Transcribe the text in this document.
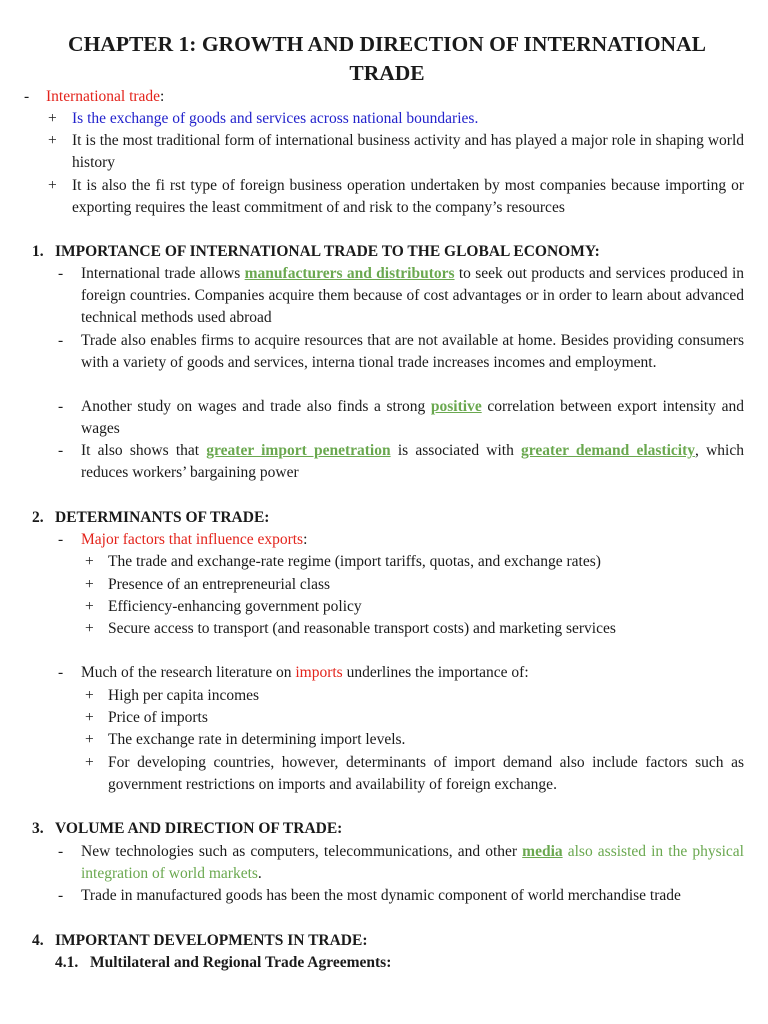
CHAPTER 1: GROWTH AND DIRECTION OF INTERNATIONAL TRADE
- International trade:
+ Is the exchange of goods and services across national boundaries.
+ It is the most traditional form of international business activity and has played a major role in shaping world history
+ It is also the fi rst type of foreign business operation undertaken by most companies because importing or exporting requires the least commitment of and risk to the company’s resources
1. IMPORTANCE OF INTERNATIONAL TRADE TO THE GLOBAL ECONOMY:
- International trade allows manufacturers and distributors to seek out products and services produced in foreign countries. Companies acquire them because of cost advantages or in order to learn about advanced technical methods used abroad
- Trade also enables firms to acquire resources that are not available at home. Besides providing consumers with a variety of goods and services, interna tional trade increases incomes and employment.
- Another study on wages and trade also finds a strong positive correlation between export intensity and wages
- It also shows that greater import penetration is associated with greater demand elasticity, which reduces workers’ bargaining power
2. DETERMINANTS OF TRADE:
- Major factors that influence exports:
+ The trade and exchange-rate regime (import tariffs, quotas, and exchange rates)
+ Presence of an entrepreneurial class
+ Efficiency-enhancing government policy
+ Secure access to transport (and reasonable transport costs) and marketing services
- Much of the research literature on imports underlines the importance of:
+ High per capita incomes
+ Price of imports
+ The exchange rate in determining import levels.
+ For developing countries, however, determinants of import demand also include factors such as government restrictions on imports and availability of foreign exchange.
3. VOLUME AND DIRECTION OF TRADE:
- New technologies such as computers, telecommunications, and other media also assisted in the physical integration of world markets.
- Trade in manufactured goods has been the most dynamic component of world merchandise trade
4. IMPORTANT DEVELOPMENTS IN TRADE:
4.1. Multilateral and Regional Trade Agreements:
